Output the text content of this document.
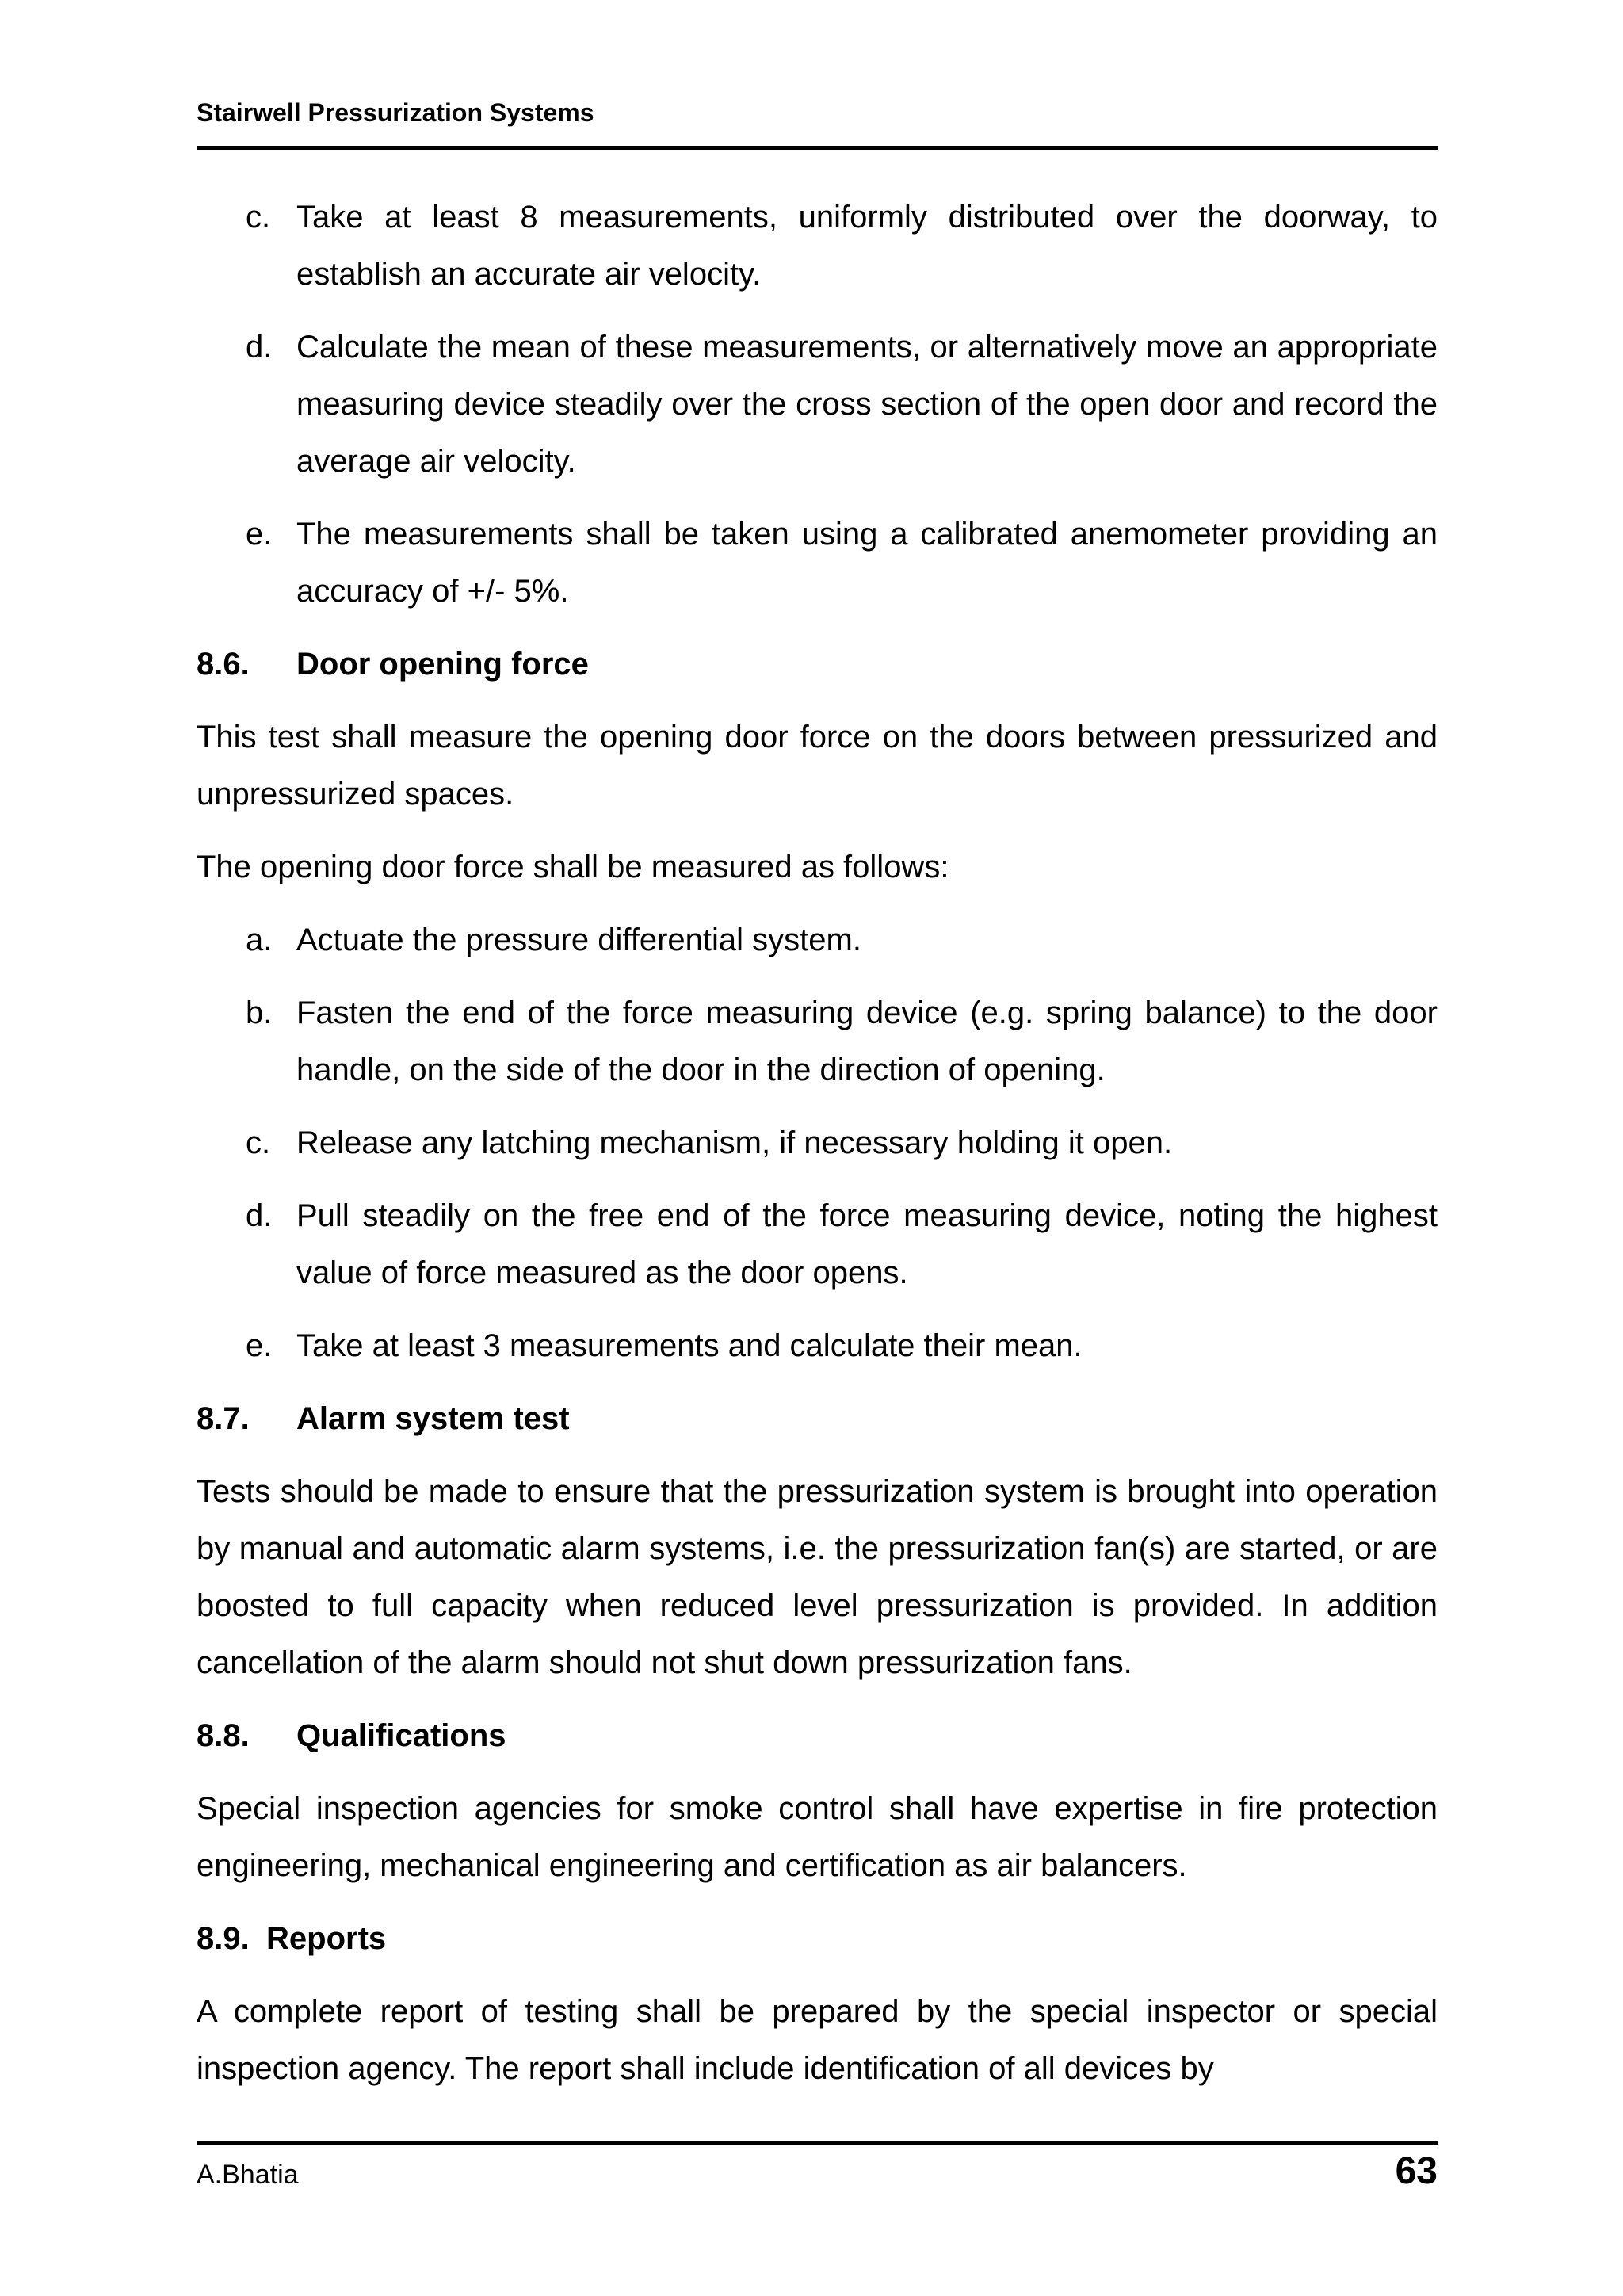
Stairwell Pressurization Systems
c. Take at least 8 measurements, uniformly distributed over the doorway, to establish an accurate air velocity.
d. Calculate the mean of these measurements, or alternatively move an appropriate measuring device steadily over the cross section of the open door and record the average air velocity.
e. The measurements shall be taken using a calibrated anemometer providing an accuracy of +/- 5%.
8.6.	Door opening force
This test shall measure the opening door force on the doors between pressurized and unpressurized spaces.
The opening door force shall be measured as follows:
a. Actuate the pressure differential system.
b. Fasten the end of the force measuring device (e.g. spring balance) to the door handle, on the side of the door in the direction of opening.
c. Release any latching mechanism, if necessary holding it open.
d. Pull steadily on the free end of the force measuring device, noting the highest value of force measured as the door opens.
e. Take at least 3 measurements and calculate their mean.
8.7.	Alarm system test
Tests should be made to ensure that the pressurization system is brought into operation by manual and automatic alarm systems, i.e. the pressurization fan(s) are started, or are boosted to full capacity when reduced level pressurization is provided. In addition cancellation of the alarm should not shut down pressurization fans.
8.8.	Qualifications
Special inspection agencies for smoke control shall have expertise in fire protection engineering, mechanical engineering and certification as air balancers.
8.9. Reports
A complete report of testing shall be prepared by the special inspector or special inspection agency. The report shall include identification of all devices by
A.Bhatia	63
